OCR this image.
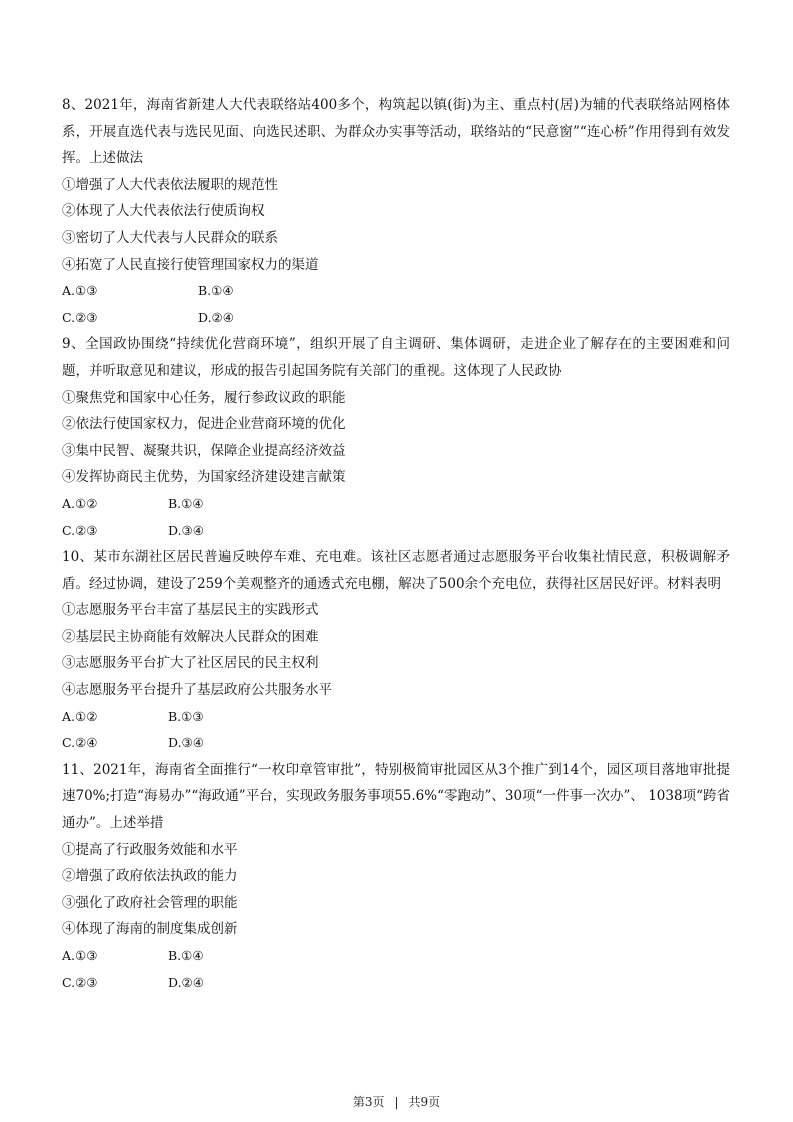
8、2021年，海南省新建人大代表联络站400多个，构筑起以镇(街)为主、重点村(居)为辅的代表联络站网格体系，开展直选代表与选民见面、向选民述职、为群众办实事等活动，联络站的“民意窗”“连心桥”作用得到有效发挥。上述做法

①增强了人大代表依法履职的规范性

②体现了人大代表依法行使质询权

③密切了人大代表与人民群众的联系

④拓宽了人民直接行使管理国家权力的渠道

A.①③	B.①④

C.②③	D.②④

9、全国政协围绕“持续优化营商环境”，组织开展了自主调研、集体调研，走进企业了解存在的主要困难和问题，并听取意见和建议，形成的报告引起国务院有关部门的重视。这体现了人民政协

①聚焦党和国家中心任务，履行参政议政的职能

②依法行使国家权力，促进企业营商环境的优化

③集中民智、凝聚共识，保障企业提高经济效益

④发挥协商民主优势，为国家经济建设建言献策

A.①②	B.①④

C.②③	D.③④

10、某市东湖社区居民普遍反映停车难、充电难。该社区志愿者通过志愿服务平台收集社情民意，积极调解矛盾。经过协调，建设了259个美观整齐的通透式充电棚，解决了500余个充电位，获得社区居民好评。材料表明

①志愿服务平台丰富了基层民主的实践形式

②基层民主协商能有效解决人民群众的困难

③志愿服务平台扩大了社区居民的民主权利

④志愿服务平台提升了基层政府公共服务水平

A.①②	B.①③

C.②④	D.③④

11、2021年，海南省全面推行“一枚印章管审批”，特别极简审批园区从3个推广到14个，园区项目落地审批提速70%;打造“海易办”“海政通”平台，实现政务服务事项55.6%“零跑动”、30项“一件事一次办”、 1038项“跨省通办”。上述举措

①提高了行政服务效能和水平

②增强了政府依法执政的能力

③强化了政府社会管理的职能

④体现了海南的制度集成创新

A.①③	B.①④

C.②③	D.②④

第3页 | 共9页
